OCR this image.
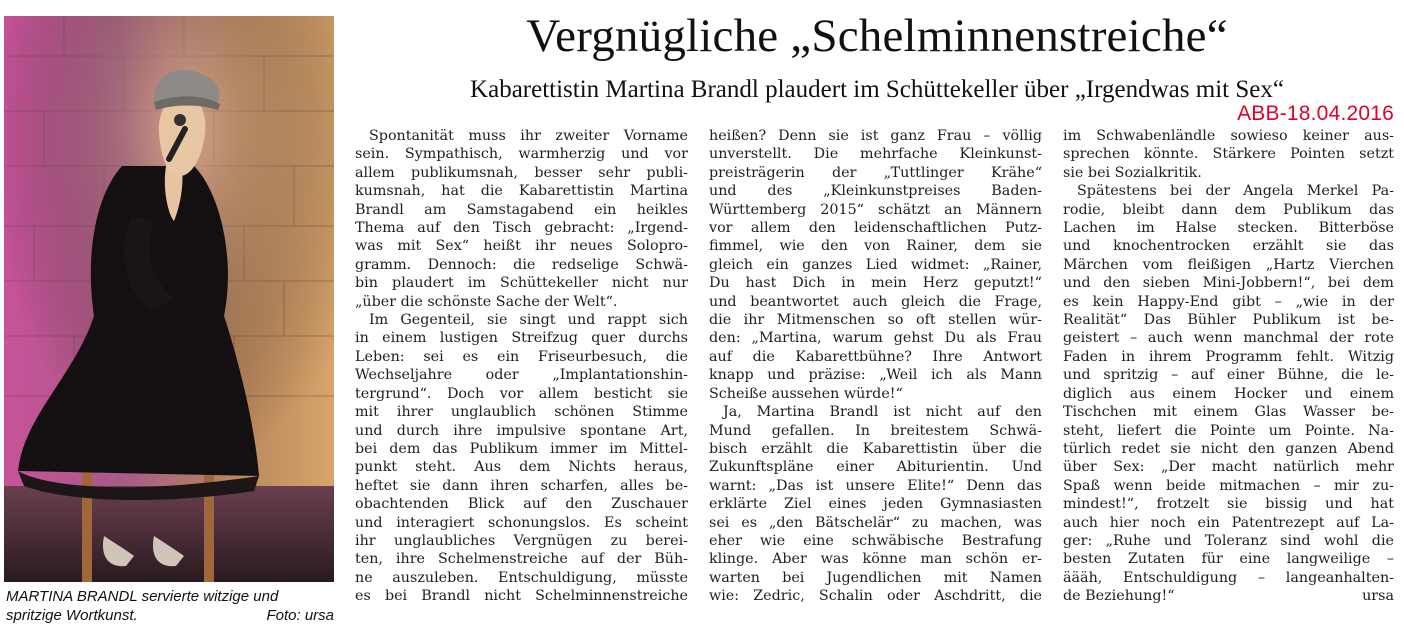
MARTINA BRANDL servierte witzige und
spritzige Wortkunst.	Foto: ursa
Vergnügliche „Schelminnenstreiche“
Kabarettistin Martina Brandl plaudert im Schüttekeller über „Irgendwas mit Sex“
ABB-18.04.2016

Spontanität muss ihr zweiter Vorname

sein. Sympathisch, warmherzig und vor

allem publikumsnah, besser sehr publi-

kumsnah, hat die Kabarettistin Martina

Brandl am Samstagabend ein heikles

Thema auf den Tisch gebracht: „Irgend-

was mit Sex“ heißt ihr neues Solopro-

gramm. Dennoch: die redselige Schwä-

bin plaudert im Schüttekeller nicht nur

„über die schönste Sache der Welt“.

Im Gegenteil, sie singt und rappt sich

in einem lustigen Streifzug quer durchs

Leben: sei es ein Friseurbesuch, die

Wechseljahre oder „Implantationshin-

tergrund“. Doch vor allem besticht sie

mit ihrer unglaublich schönen Stimme

und durch ihre impulsive spontane Art,

bei dem das Publikum immer im Mittel-

punkt steht. Aus dem Nichts heraus,

heftet sie dann ihren scharfen, alles be-

obachtenden Blick auf den Zuschauer

und interagiert schonungslos. Es scheint

ihr unglaubliches Vergnügen zu berei-

ten, ihre Schelmenstreiche auf der Büh-

ne auszuleben. Entschuldigung, müsste

es bei Brandl nicht Schelminnenstreiche

heißen? Denn sie ist ganz Frau – völlig

unverstellt. Die mehrfache Kleinkunst-

preisträgerin der „Tuttlinger Krähe“

und des „Kleinkunstpreises Baden-

Württemberg 2015“ schätzt an Männern

vor allem den leidenschaftlichen Putz-

fimmel, wie den von Rainer, dem sie

gleich ein ganzes Lied widmet: „Rainer,

Du hast Dich in mein Herz geputzt!“

und beantwortet auch gleich die Frage,

die ihr Mitmenschen so oft stellen wür-

den: „Martina, warum gehst Du als Frau

auf die Kabarettbühne? Ihre Antwort

knapp und präzise: „Weil ich als Mann

Scheiße aussehen würde!“

Ja, Martina Brandl ist nicht auf den

Mund gefallen. In breitestem Schwä-

bisch erzählt die Kabarettistin über die

Zukunftspläne einer Abiturientin. Und

warnt: „Das ist unsere Elite!“ Denn das

erklärte Ziel eines jeden Gymnasiasten

sei es „den Bätschelär“ zu machen, was

eher wie eine schwäbische Bestrafung

klinge. Aber was könne man schön er-

warten bei Jugendlichen mit Namen

wie: Zedric, Schalin oder Aschdritt, die

im Schwabenländle sowieso keiner aus-

sprechen könnte. Stärkere Pointen setzt

sie bei Sozialkritik.

Spätestens bei der Angela Merkel Pa-

rodie, bleibt dann dem Publikum das

Lachen im Halse stecken. Bitterböse

und knochentrocken erzählt sie das

Märchen vom fleißigen „Hartz Vierchen

und den sieben Mini-Jobbern!“, bei dem

es kein Happy-End gibt – „wie in der

Realität“ Das Bühler Publikum ist be-

geistert – auch wenn manchmal der rote

Faden in ihrem Programm fehlt. Witzig

und spritzig – auf einer Bühne, die le-

diglich aus einem Hocker und einem

Tischchen mit einem Glas Wasser be-

steht, liefert die Pointe um Pointe. Na-

türlich redet sie nicht den ganzen Abend

über Sex: „Der macht natürlich mehr

Spaß wenn beide mitmachen – mir zu-

mindest!“, frotzelt sie bissig und hat

auch hier noch ein Patentrezept auf La-

ger: „Ruhe und Toleranz sind wohl die

besten Zutaten für eine langweilige –

äääh, Entschuldigung – langeanhalten-

de Beziehung!“	ursa
